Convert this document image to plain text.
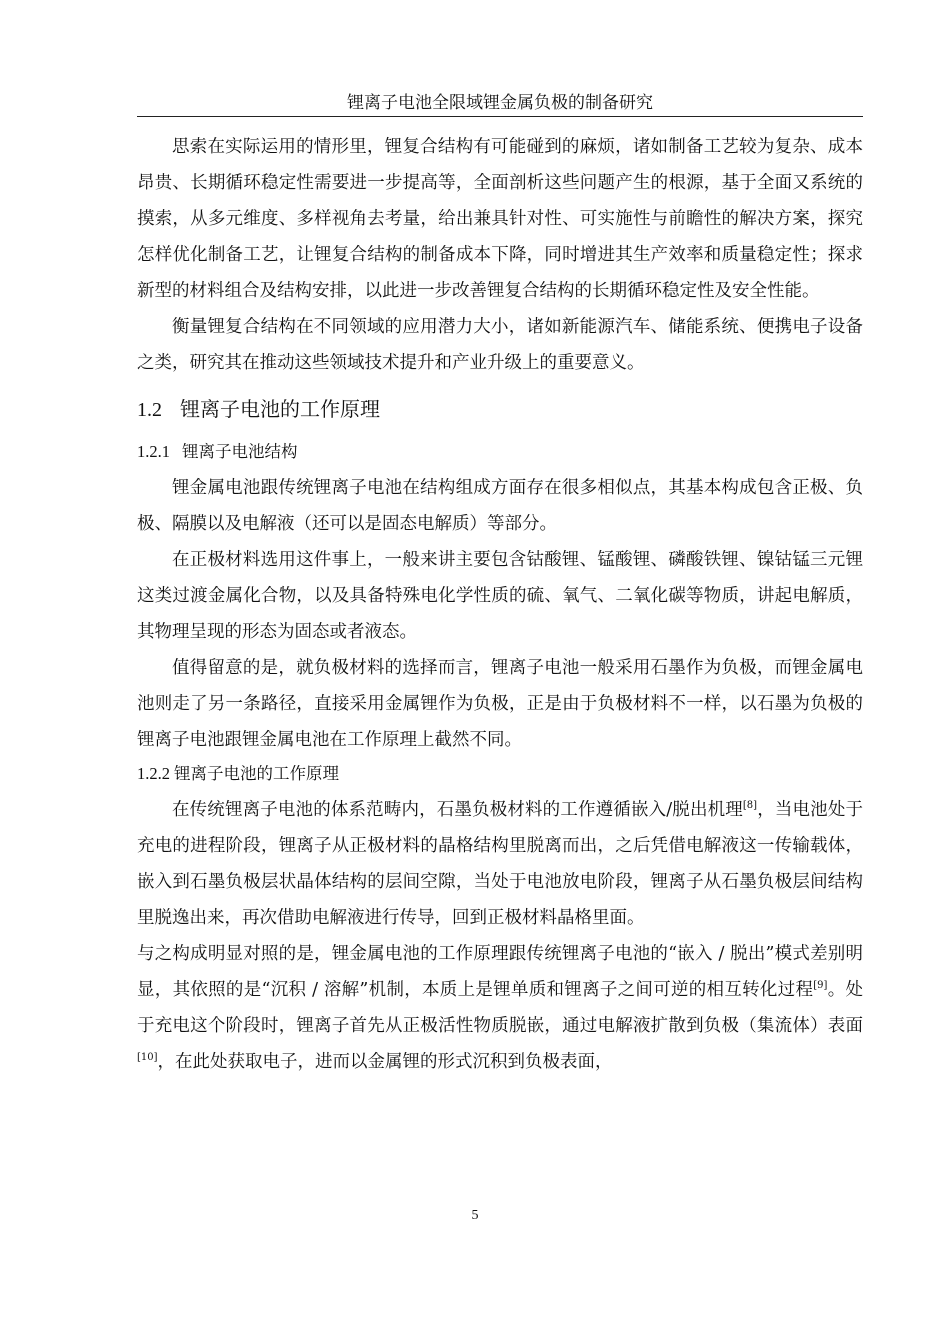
锂离子电池全限域锂金属负极的制备研究

思索在实际运用的情形里，锂复合结构有可能碰到的麻烦，诸如制备工艺较为复杂、成本昂贵、长期循环稳定性需要进一步提高等，全面剖析这些问题产生的根源，基于全面又系统的摸索，从多元维度、多样视角去考量，给出兼具针对性、可实施性与前瞻性的解决方案，探究怎样优化制备工艺，让锂复合结构的制备成本下降，同时增进其生产效率和质量稳定性；探求新型的材料组合及结构安排，以此进一步改善锂复合结构的长期循环稳定性及安全性能。

衡量锂复合结构在不同领域的应用潜力大小，诸如新能源汽车、储能系统、便携电子设备之类，研究其在推动这些领域技术提升和产业升级上的重要意义。

1.2 锂离子电池的工作原理
1.2.1 锂离子电池结构

锂金属电池跟传统锂离子电池在结构组成方面存在很多相似点，其基本构成包含正极、负极、隔膜以及电解液（还可以是固态电解质）等部分。

在正极材料选用这件事上，一般来讲主要包含钴酸锂、锰酸锂、磷酸铁锂、镍钴锰三元锂这类过渡金属化合物，以及具备特殊电化学性质的硫、氧气、二氧化碳等物质，讲起电解质，其物理呈现的形态为固态或者液态。

值得留意的是，就负极材料的选择而言，锂离子电池一般采用石墨作为负极，而锂金属电池则走了另一条路径，直接采用金属锂作为负极，正是由于负极材料不一样，以石墨为负极的锂离子电池跟锂金属电池在工作原理上截然不同。

1.2.2 锂离子电池的工作原理

在传统锂离子电池的体系范畴内，石墨负极材料的工作遵循嵌入/脱出机理[8]，当电池处于充电的进程阶段，锂离子从正极材料的晶格结构里脱离而出，之后凭借电解液这一传输载体，嵌入到石墨负极层状晶体结构的层间空隙，当处于电池放电阶段，锂离子从石墨负极层间结构里脱逸出来，再次借助电解液进行传导，回到正极材料晶格里面。

与之构成明显对照的是，锂金属电池的工作原理跟传统锂离子电池的“嵌入 / 脱出”模式差别明显，其依照的是“沉积 / 溶解”机制，本质上是锂单质和锂离子之间可逆的相互转化过程[9]。处于充电这个阶段时，锂离子首先从正极活性物质脱嵌，通过电解液扩散到负极（集流体）表面[10]，在此处获取电子，进而以金属锂的形式沉积到负极表面，

5
